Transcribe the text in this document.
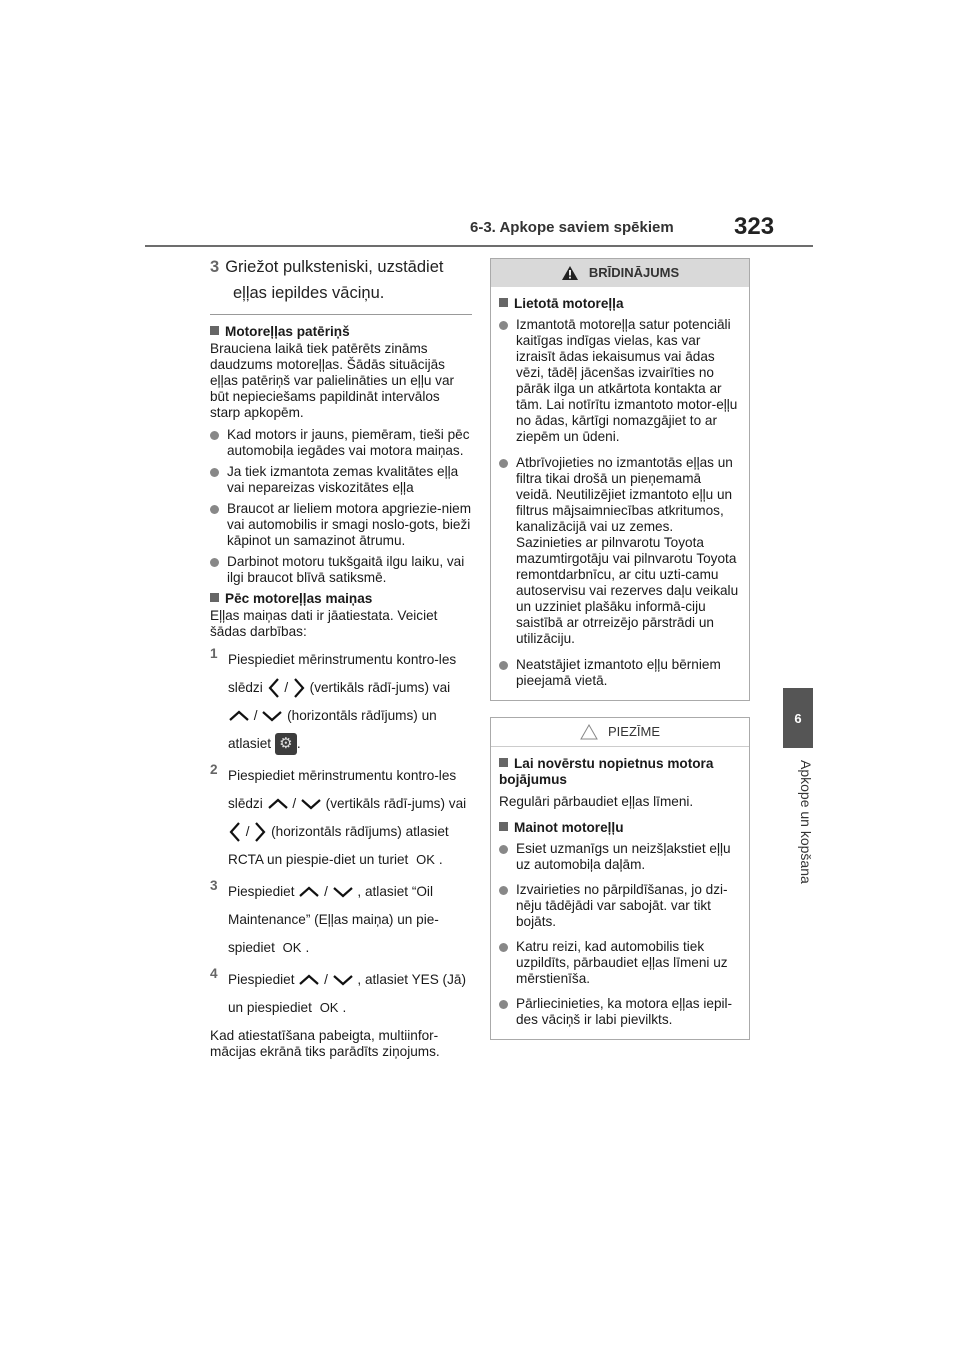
6-3. Apkope saviem spēkiem	323
6
Apkope un kopšana
3 Griežot pulksteniski, uzstādiet
eļļas iepildes vāciņu.
Motoreļļas patēriņš
Brauciena laikā tiek patērēts zināms daudzums motoreļļas. Šādās situācijās eļļas patēriņš var palielināties un eļļu var būt nepieciešams papildināt intervālos starp apkopēm.
Kad motors ir jauns, piemēram, tieši pēc automobiļa iegādes vai motora maiņas.
Ja tiek izmantota zemas kvalitātes eļļa vai nepareizas viskozitātes eļļa
Braucot ar lieliem motora apgriezie-niem vai automobilis ir smagi noslo-gots, bieži kāpinot un samazinot ātrumu.
Darbinot motoru tukšgaitā ilgu laiku, vai ilgi braucot blīvā satiksmē.
Pēc motoreļļas maiņas
Eļļas maiņas dati ir jāatiestata. Veiciet šādas darbības:
1 Piespiediet mērinstrumentu kontro-les slēdzi / (vertikāls rādī-jums) vai  / (horizontāls rādījums) un atlasiet ⚙ .
2 Piespiediet mērinstrumentu kontro-les slēdzi / (vertikāls rādī-jums) vai  / (horizontāls rādījums) atlasiet RCTA un piespie-diet un turiet OK .
3 Piespiediet / , atlasiet “Oil Maintenance” (Eļļas maiņa) un pie-spiediet OK .
4 Piespiediet / , atlasiet YES (Jā) un piespiediet OK .
Kad atiestatīšana pabeigta, multiinfor-mācijas ekrānā tiks parādīts ziņojums.
BRĪDINĀJUMS
Lietotā motoreļļa
Izmantotā motoreļļa satur potenciāli kaitīgas indīgas vielas, kas var izraisīt ādas iekaisumus vai ādas vēzi, tādēļ jācenšas izvairīties no pārāk ilga un atkārtota kontakta ar tām. Lai notīrītu izmantoto motor-eļļu no ādas, kārtīgi nomazgājiet to ar ziepēm un ūdeni.
Atbrīvojieties no izmantotās eļļas un filtra tikai drošā un pieņemamā veidā. Neutilizējiet izmantoto eļļu un filtrus mājsaimniecības atkritumos, kanalizācijā vai uz zemes. Sazinieties ar pilnvarotu Toyota mazumtirgotāju vai pilnvarotu Toyota remontdarbnīcu, ar citu uzti-camu autoservisu vai rezerves daļu veikalu un uzziniet plašāku informā-ciju saistībā ar otrreizējo pārstrādi un utilizāciju.
Neatstājiet izmantoto eļļu bērniem pieejamā vietā.
PIEZĪME
Lai novērstu nopietnus motora bojājumus
Regulāri pārbaudiet eļļas līmeni.
Mainot motoreļļu
Esiet uzmanīgs un neizšļakstiet eļļu uz automobiļa daļām.
Izvairieties no pārpildīšanas, jo dzi-nēju tādējādi var sabojāt. var tikt bojāts.
Katru reizi, kad automobilis tiek uzpildīts, pārbaudiet eļļas līmeni uz mērstienīša.
Pārliecinieties, ka motora eļļas iepil-des vāciņš ir labi pievilkts.
